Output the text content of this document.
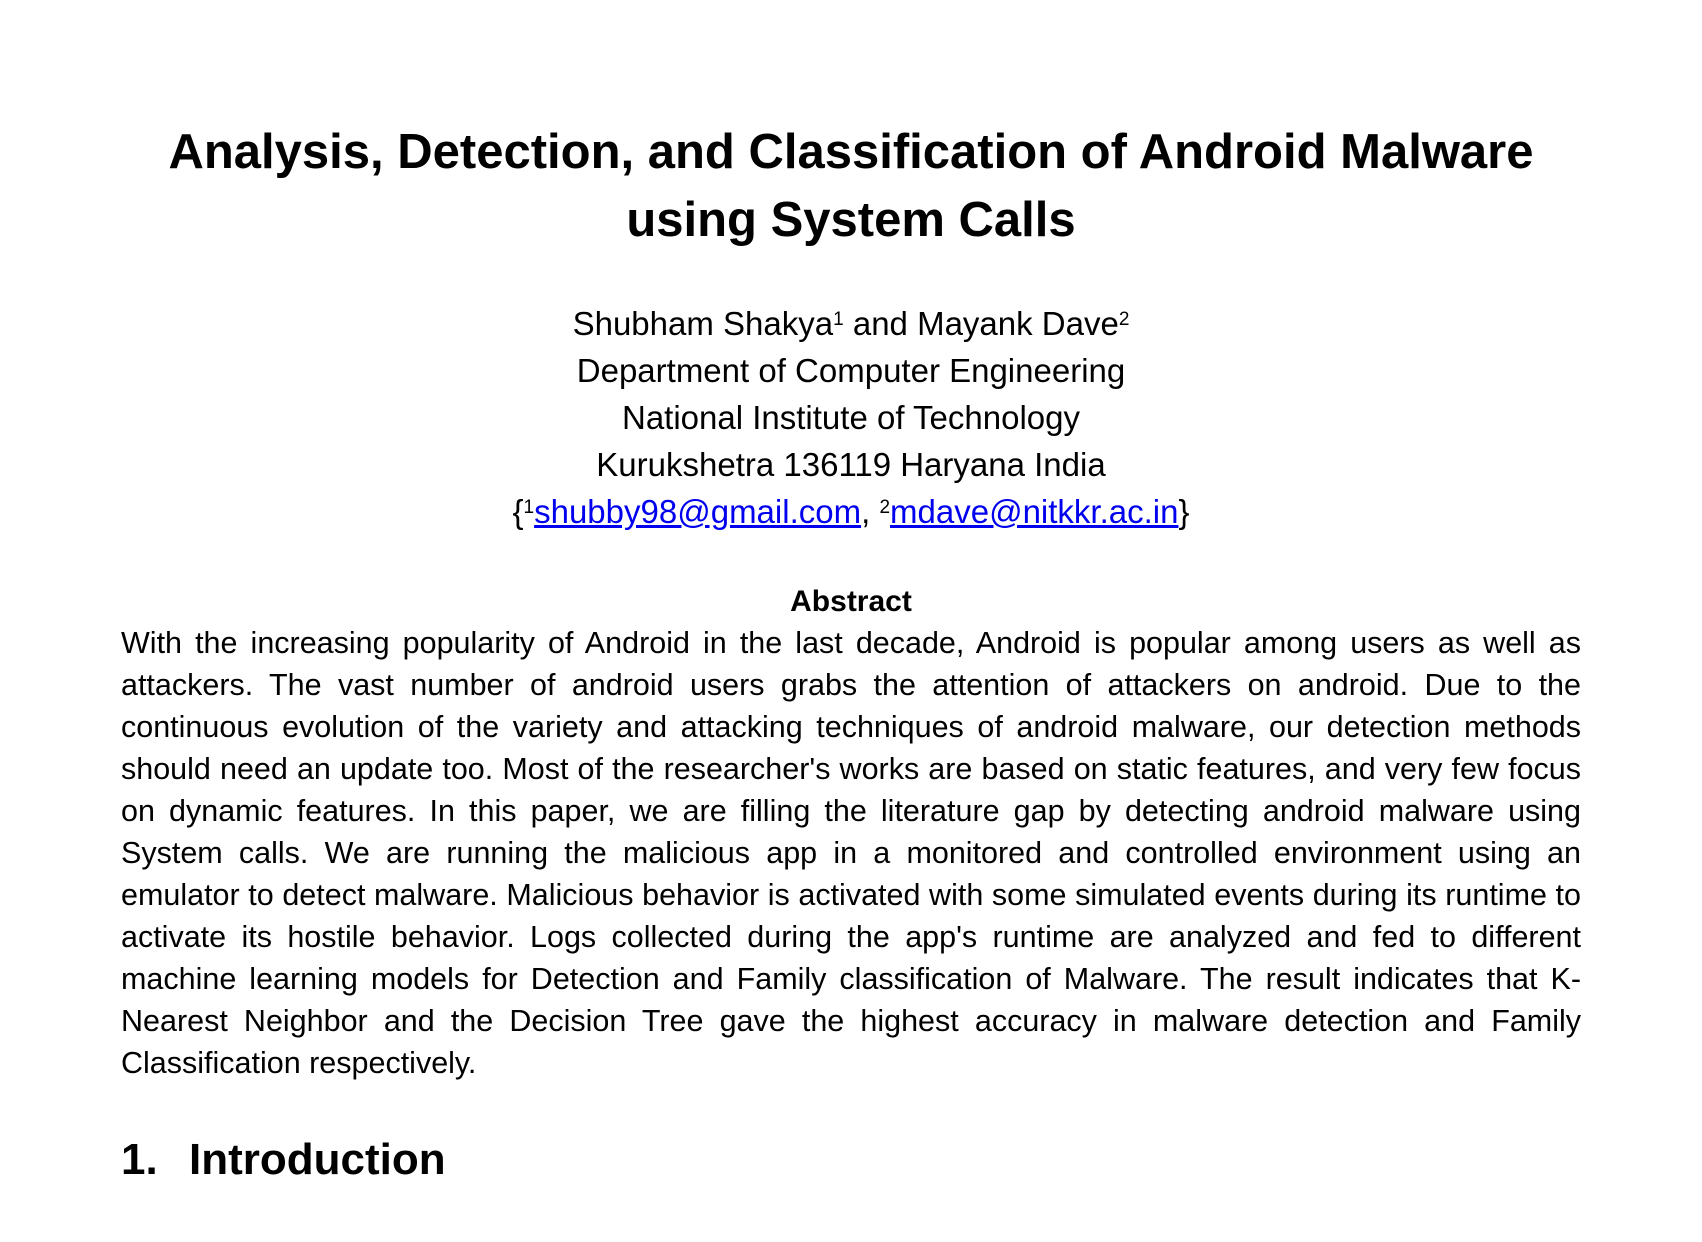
Analysis, Detection, and Classification of Android Malware
using System Calls
Shubham Shakya$^1$ and Mayank Dave$^2$
Department of Computer Engineering
National Institute of Technology
Kurukshetra 136119 Haryana India
{$^1$shubby98@gmail.com, $^2$mdave@nitkkr.ac.in}
Abstract

With the increasing popularity of Android in the last decade, Android is popular among users as well as attackers. The vast number of android users grabs the attention of attackers on android. Due to the continuous evolution of the variety and attacking techniques of android malware, our detection methods should need an update too. Most of the researcher's works are based on static features, and very few focus on dynamic features. In this paper, we are filling the literature gap by detecting android malware using System calls. We are running the malicious app in a monitored and controlled environment using an emulator to detect malware. Malicious behavior is activated with some simulated events during its runtime to activate its hostile behavior. Logs collected during the app's runtime are analyzed and fed to different machine learning models for Detection and Family classification of Malware. The result indicates that K-Nearest Neighbor and the Decision Tree gave the highest accuracy in malware detection and Family Classification respectively.

1. Introduction
